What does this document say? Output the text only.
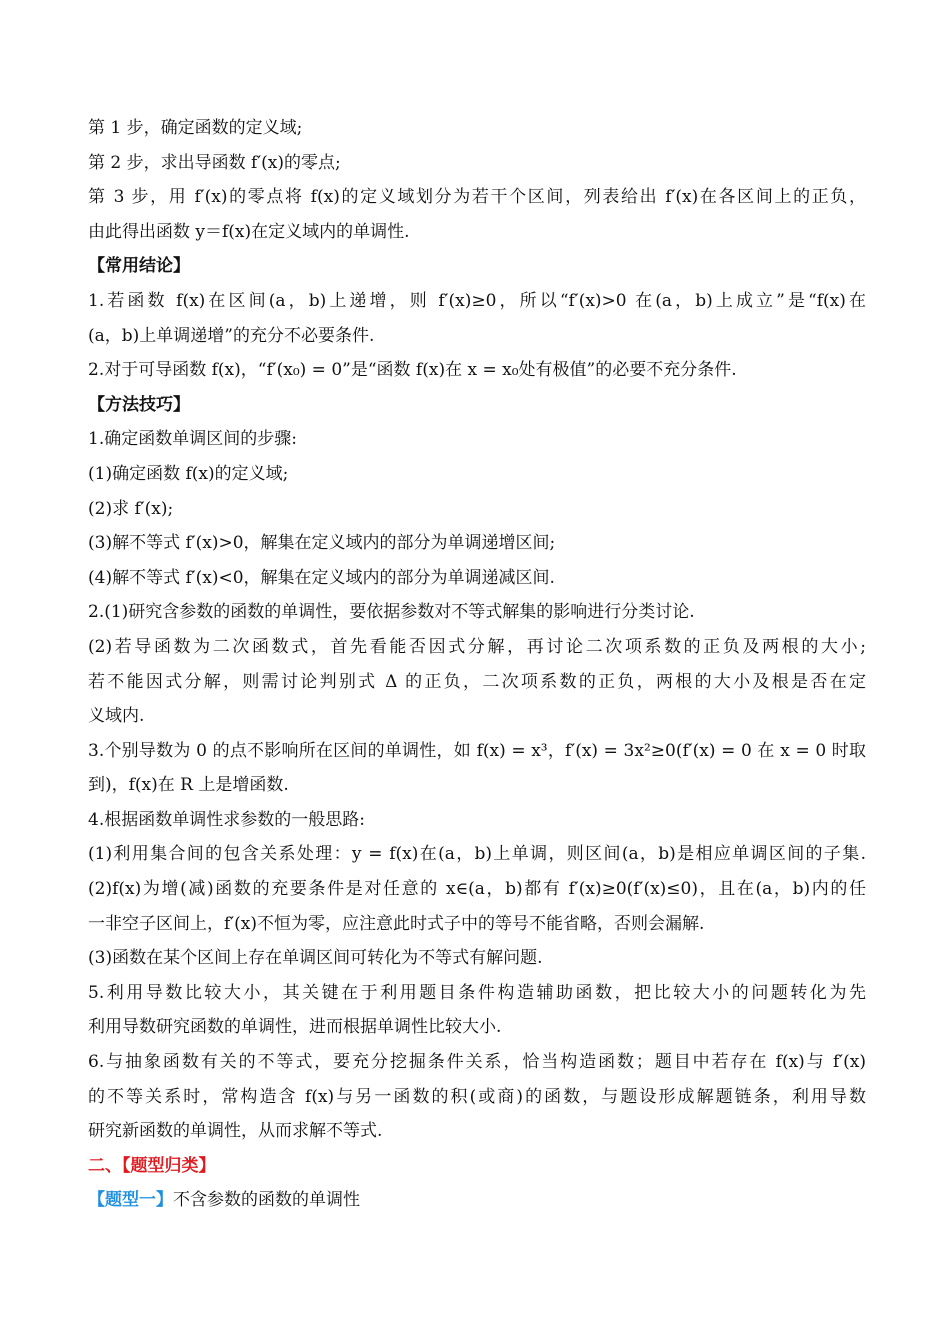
第 1 步，确定函数的定义域;
第 2 步，求出导函数 f′(x)的零点;
第 3 步，用 f′(x)的零点将 f(x)的定义域划分为若干个区间，列表给出 f′(x)在各区间上的正负，
由此得出函数 y＝f(x)在定义域内的单调性.
【常用结论】
1.若函数 f(x)在区间(a，b)上递增，则 f′(x)≥0，所以“f′(x)>0 在(a，b)上成立”是“f(x)在
(a，b)上单调递增”的充分不必要条件.
2.对于可导函数 f(x)，“f′(x₀) = 0”是“函数 f(x)在 x = x₀处有极值”的必要不充分条件.
【方法技巧】
1.确定函数单调区间的步骤:
(1)确定函数 f(x)的定义域;
(2)求 f′(x);
(3)解不等式 f′(x)>0，解集在定义域内的部分为单调递增区间;
(4)解不等式 f′(x)<0，解集在定义域内的部分为单调递减区间.
2.(1)研究含参数的函数的单调性，要依据参数对不等式解集的影响进行分类讨论.
(2)若导函数为二次函数式，首先看能否因式分解，再讨论二次项系数的正负及两根的大小;
若不能因式分解，则需讨论判别式 Δ 的正负，二次项系数的正负，两根的大小及根是否在定
义域内.
3.个别导数为 0 的点不影响所在区间的单调性，如 f(x) = x³，f′(x) = 3x²≥0(f′(x) = 0 在 x = 0 时取
到)，f(x)在 R 上是增函数.
4.根据函数单调性求参数的一般思路:
(1)利用集合间的包含关系处理：y = f(x)在(a，b)上单调，则区间(a，b)是相应单调区间的子集.
(2)f(x)为增(减)函数的充要条件是对任意的 x∈(a，b)都有 f′(x)≥0(f′(x)≤0)，且在(a，b)内的任
一非空子区间上，f′(x)不恒为零，应注意此时式子中的等号不能省略，否则会漏解.
(3)函数在某个区间上存在单调区间可转化为不等式有解问题.
5.利用导数比较大小，其关键在于利用题目条件构造辅助函数，把比较大小的问题转化为先
利用导数研究函数的单调性，进而根据单调性比较大小.
6.与抽象函数有关的不等式，要充分挖掘条件关系，恰当构造函数；题目中若存在 f(x)与 f′(x)
的不等关系时，常构造含 f(x)与另一函数的积(或商)的函数，与题设形成解题链条，利用导数
研究新函数的单调性，从而求解不等式.
二、【题型归类】
【题型一】不含参数的函数的单调性
